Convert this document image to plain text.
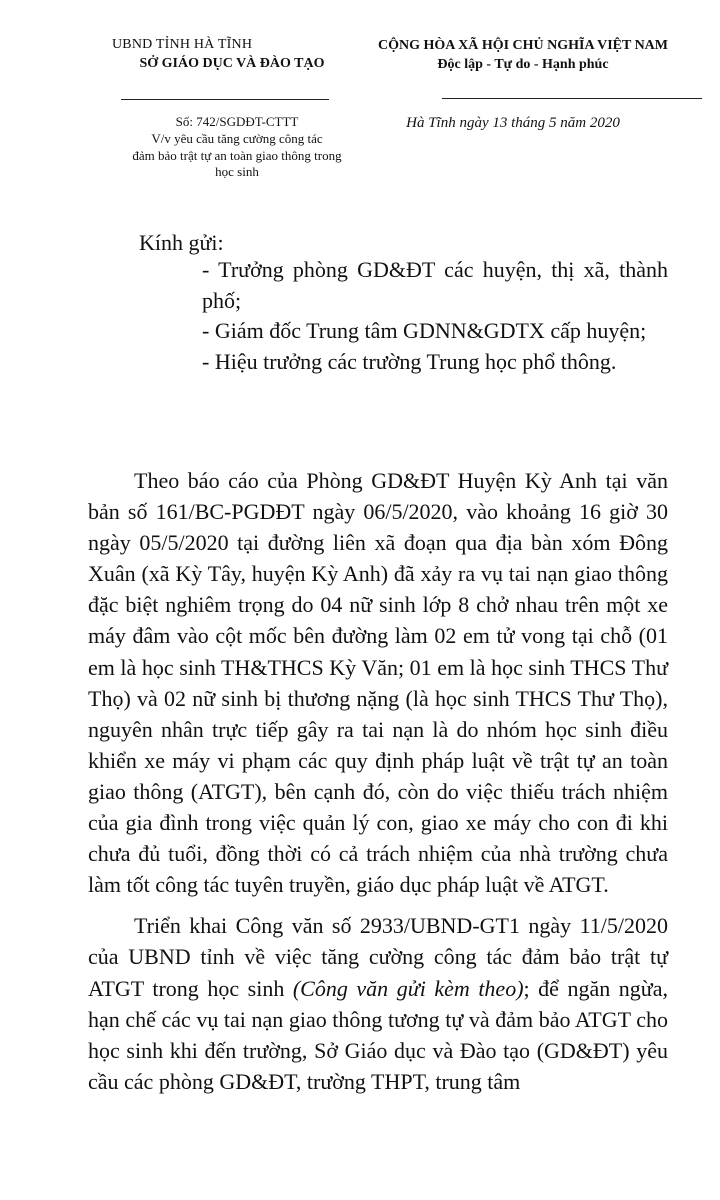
UBND TỈNH HÀ TĨNH
SỞ GIÁO DỤC VÀ ĐÀO TẠO
Số: 742/SGDĐT-CTTT
V/v yêu cầu tăng cường công tác
đảm bảo trật tự an toàn giao thông trong
học sinh
CỘNG HÒA XÃ HỘI CHỦ NGHĨA VIỆT NAM
Độc lập - Tự do - Hạnh phúc
Hà Tĩnh ngày 13 tháng 5 năm 2020
Kính gửi:

- Trưởng phòng GD&ĐT các huyện, thị xã, thành phố;

- Giám đốc Trung tâm GDNN&GDTX cấp huyện;

- Hiệu trưởng các trường Trung học phổ thông.

Theo báo cáo của Phòng GD&ĐT Huyện Kỳ Anh tại văn bản số 161/BC-PGDĐT ngày 06/5/2020, vào khoảng 16 giờ 30 ngày 05/5/2020 tại đường liên xã đoạn qua địa bàn xóm Đông Xuân (xã Kỳ Tây, huyện Kỳ Anh) đã xảy ra vụ tai nạn giao thông đặc biệt nghiêm trọng do 04 nữ sinh lớp 8 chở nhau trên một xe máy đâm vào cột mốc bên đường làm 02 em tử vong tại chỗ (01 em là học sinh TH&THCS Kỳ Văn; 01 em là học sinh THCS Thư Thọ) và 02 nữ sinh bị thương nặng (là học sinh THCS Thư Thọ), nguyên nhân trực tiếp gây ra tai nạn là do nhóm học sinh điều khiển xe máy vi phạm các quy định pháp luật về trật tự an toàn giao thông (ATGT), bên cạnh đó, còn do việc thiếu trách nhiệm của gia đình trong việc quản lý con, giao xe máy cho con đi khi chưa đủ tuổi, đồng thời có cả trách nhiệm của nhà trường chưa làm tốt công tác tuyên truyền, giáo dục pháp luật về ATGT.

Triển khai Công văn số 2933/UBND-GT1 ngày 11/5/2020 của UBND tỉnh về việc tăng cường công tác đảm bảo trật tự ATGT trong học sinh (Công văn gửi kèm theo); để ngăn ngừa, hạn chế các vụ tai nạn giao thông tương tự và đảm bảo ATGT cho học sinh khi đến trường, Sở Giáo dục và Đào tạo (GD&ĐT) yêu cầu các phòng GD&ĐT, trường THPT, trung tâm
